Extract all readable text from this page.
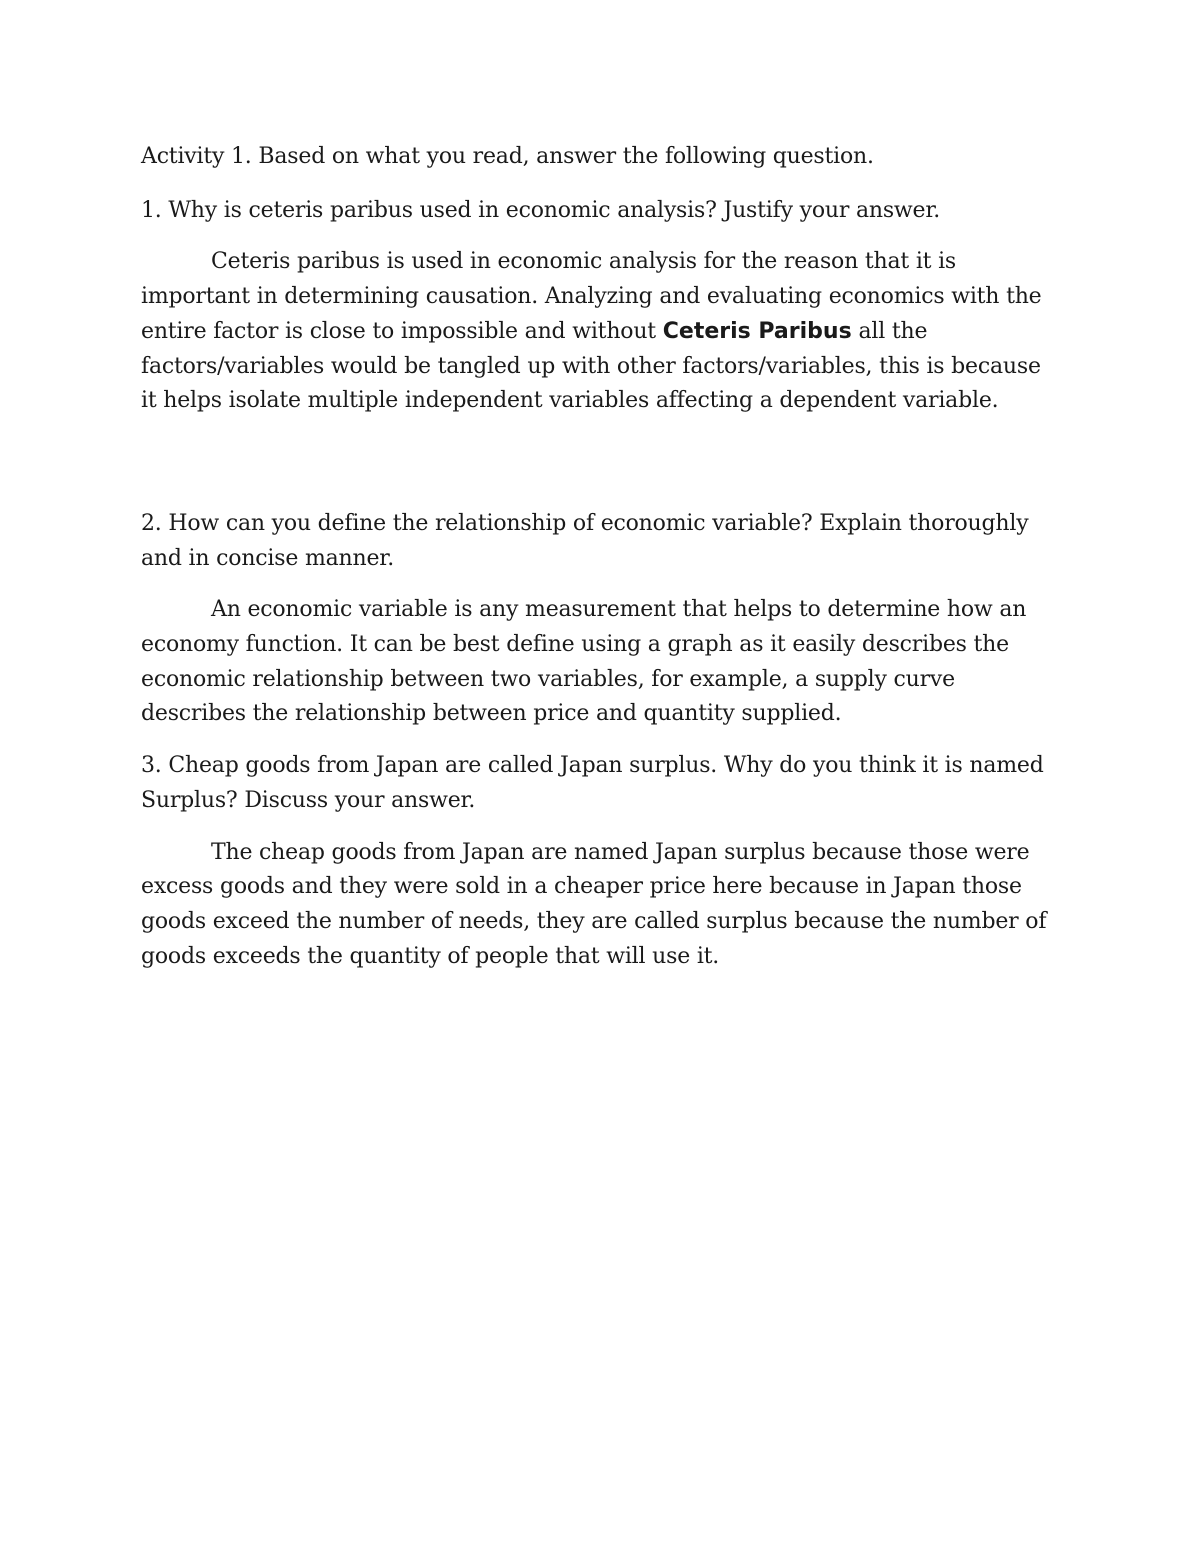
Activity 1. Based on what you read, answer the following question.

1. Why is ceteris paribus used in economic analysis? Justify your answer.

Ceteris paribus is used in economic analysis for the reason that it is important in determining causation. Analyzing and evaluating economics with the entire factor is close to impossible and without Ceteris Paribus all the factors/variables would be tangled up with other factors/variables, this is because it helps isolate multiple independent variables affecting a dependent variable.

2. How can you define the relationship of economic variable? Explain thoroughly and in concise manner.

An economic variable is any measurement that helps to determine how an economy function. It can be best define using a graph as it easily describes the economic relationship between two variables, for example, a supply curve describes the relationship between price and quantity supplied.

3. Cheap goods from Japan are called Japan surplus. Why do you think it is named Surplus? Discuss your answer.

The cheap goods from Japan are named Japan surplus because those were excess goods and they were sold in a cheaper price here because in Japan those goods exceed the number of needs, they are called surplus because the number of goods exceeds the quantity of people that will use it.
